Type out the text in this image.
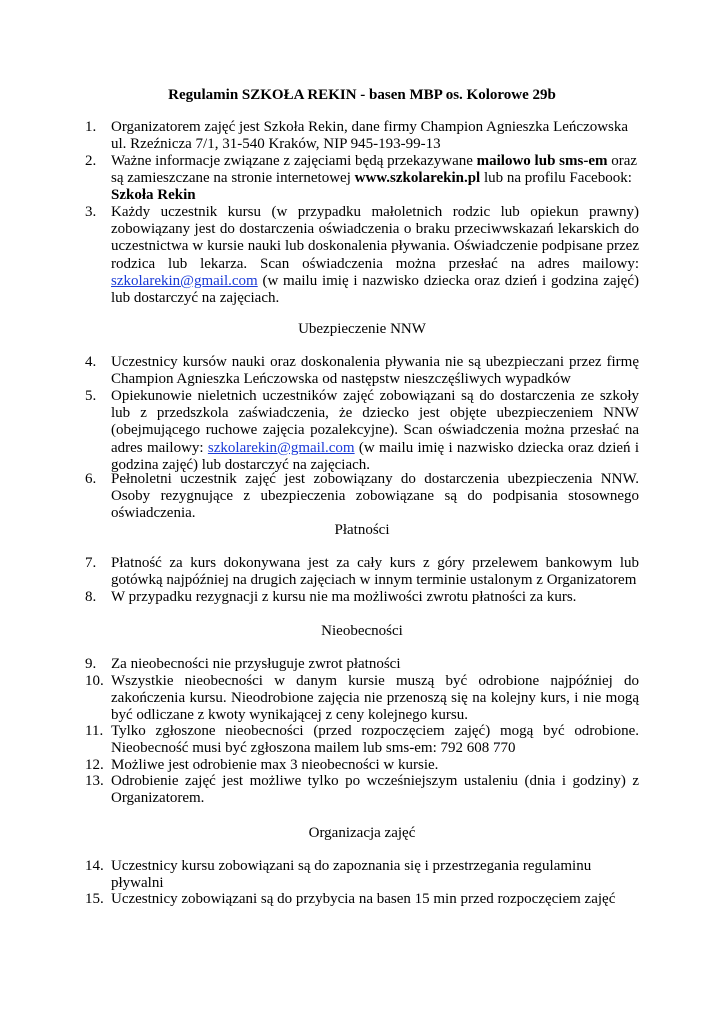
Regulamin SZKOŁA REKIN - basen MBP os. Kolorowe 29b
1. Organizatorem zajęć jest Szkoła Rekin, dane firmy Champion Agnieszka Leńczowska ul. Rzeźnicza 7/1, 31-540 Kraków, NIP 945-193-99-13
2. Ważne informacje związane z zajęciami będą przekazywane mailowo lub sms-em oraz są zamieszczane na stronie internetowej www.szkolarekin.pl lub na profilu Facebook:
Szkoła Rekin
3. Każdy uczestnik kursu (w przypadku małoletnich rodzic lub opiekun prawny) zobowiązany jest do dostarczenia oświadczenia o braku przeciwwskazań lekarskich do uczestnictwa w kursie nauki lub doskonalenia pływania. Oświadczenie podpisane przez rodzica lub lekarza. Scan oświadczenia można przesłać na adres mailowy: szkolarekin@gmail.com (w mailu imię i nazwisko dziecka oraz dzień i godzina zajęć) lub dostarczyć na zajęciach.
Ubezpieczenie NNW
4. Uczestnicy kursów nauki oraz doskonalenia pływania nie są ubezpieczani przez firmę Champion Agnieszka Leńczowska od następstw nieszczęśliwych wypadków
5. Opiekunowie nieletnich uczestników zajęć zobowiązani są do dostarczenia ze szkoły lub z przedszkola zaświadczenia, że dziecko jest objęte ubezpieczeniem NNW (obejmującego ruchowe zajęcia pozalekcyjne). Scan oświadczenia można przesłać na adres mailowy: szkolarekin@gmail.com (w mailu imię i nazwisko dziecka oraz dzień i godzina zajęć) lub dostarczyć na zajęciach.
6. Pełnoletni uczestnik zajęć jest zobowiązany do dostarczenia ubezpieczenia NNW. Osoby rezygnujące z ubezpieczenia zobowiązane są do podpisania stosownego oświadczenia.
Płatności
7. Płatność za kurs dokonywana jest za cały kurs z góry przelewem bankowym lub gotówką najpóźniej na drugich zajęciach w innym terminie ustalonym z Organizatorem
8. W przypadku rezygnacji z kursu nie ma możliwości zwrotu płatności za kurs.
Nieobecności
9. Za nieobecności nie przysługuje zwrot płatności
10. Wszystkie nieobecności w danym kursie muszą być odrobione najpóźniej do zakończenia kursu. Nieodrobione zajęcia nie przenoszą się na kolejny kurs, i nie mogą być odliczane z kwoty wynikającej z ceny kolejnego kursu.
11. Tylko zgłoszone nieobecności (przed rozpoczęciem zajęć) mogą być odrobione. Nieobecność musi być zgłoszona mailem lub sms-em: 792 608 770
12. Możliwe jest odrobienie max 3 nieobecności w kursie.
13. Odrobienie zajęć jest możliwe tylko po wcześniejszym ustaleniu (dnia i godziny) z Organizatorem.
Organizacja zajęć
14. Uczestnicy kursu zobowiązani są do zapoznania się i przestrzegania regulaminu pływalni
15. Uczestnicy zobowiązani są do przybycia na basen 15 min przed rozpoczęciem zajęć
